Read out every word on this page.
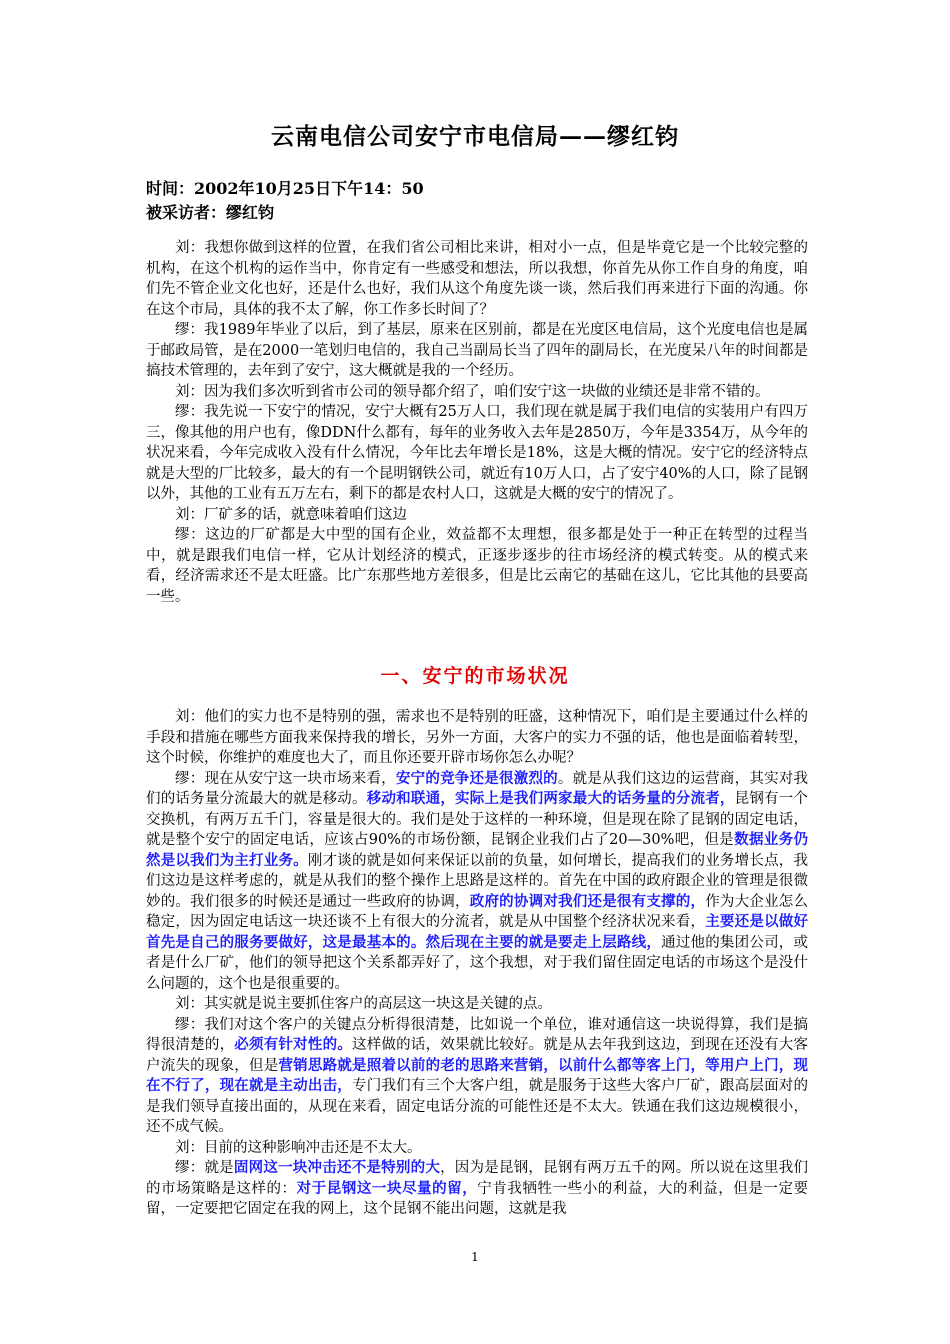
云南电信公司安宁市电信局——缪红钧
时间：2002年10月25日下午14：50
被采访者：缪红钧

刘：我想你做到这样的位置，在我们省公司相比来讲，相对小一点，但是毕竟它是一个比较完整的机构，在这个机构的运作当中，你肯定有一些感受和想法，所以我想，你首先从你工作自身的角度，咱们先不管企业文化也好，还是什么也好，我们从这个角度先谈一谈，然后我们再来进行下面的沟通。你在这个市局，具体的我不太了解，你工作多长时间了？

缪：我1989年毕业了以后，到了基层，原来在区别前，都是在光度区电信局，这个光度电信也是属于邮政局管，是在2000一笔划归电信的，我自己当副局长当了四年的副局长，在光度呆八年的时间都是搞技术管理的，去年到了安宁，这大概就是我的一个经历。

刘：因为我们多次听到省市公司的领导都介绍了，咱们安宁这一块做的业绩还是非常不错的。

缪：我先说一下安宁的情况，安宁大概有25万人口，我们现在就是属于我们电信的实装用户有四万三，像其他的用户也有，像DDN什么都有，每年的业务收入去年是2850万，今年是3354万，从今年的状况来看，今年完成收入没有什么情况，今年比去年增长是18%，这是大概的情况。安宁它的经济特点就是大型的厂比较多，最大的有一个昆明钢铁公司，就近有10万人口，占了安宁40%的人口，除了昆钢以外，其他的工业有五万左右，剩下的都是农村人口，这就是大概的安宁的情况了。

刘：厂矿多的话，就意味着咱们这边

缪：这边的厂矿都是大中型的国有企业，效益都不太理想，很多都是处于一种正在转型的过程当中，就是跟我们电信一样，它从计划经济的模式，正逐步逐步的往市场经济的模式转变。从的模式来看，经济需求还不是太旺盛。比广东那些地方差很多，但是比云南它的基础在这儿，它比其他的县要高一些。

一、安宁的市场状况

刘：他们的实力也不是特别的强，需求也不是特别的旺盛，这种情况下，咱们是主要通过什么样的手段和措施在哪些方面我来保持我的增长，另外一方面，大客户的实力不强的话，他也是面临着转型，这个时候，你维护的难度也大了，而且你还要开辟市场你怎么办呢？

缪：现在从安宁这一块市场来看，安宁的竞争还是很激烈的。就是从我们这边的运营商，其实对我们的话务量分流最大的就是移动。移动和联通，实际上是我们两家最大的话务量的分流者，昆钢有一个交换机，有两万五千门，容量是很大的。我们是处于这样的一种环境，但是现在除了昆钢的固定电话，就是整个安宁的固定电话，应该占90%的市场份额，昆钢企业我们占了20—30%吧，但是数据业务仍然是以我们为主打业务。刚才谈的就是如何来保证以前的负量，如何增长，提高我们的业务增长点，我们这边是这样考虑的，就是从我们的整个操作上思路是这样的。首先在中国的政府跟企业的管理是很微妙的。我们很多的时候还是通过一些政府的协调，政府的协调对我们还是很有支撑的，作为大企业怎么稳定，因为固定电话这一块还谈不上有很大的分流者，就是从中国整个经济状况来看，主要还是以做好首先是自己的服务要做好，这是最基本的。然后现在主要的就是要走上层路线，通过他的集团公司，或者是什么厂矿，他们的领导把这个关系都弄好了，这个我想，对于我们留住固定电话的市场这个是没什么问题的，这个也是很重要的。

刘：其实就是说主要抓住客户的高层这一块这是关键的点。

缪：我们对这个客户的关键点分析得很清楚，比如说一个单位，谁对通信这一块说得算，我们是搞得很清楚的，必须有针对性的。这样做的话，效果就比较好。就是从去年我到这边，到现在还没有大客户流失的现象，但是营销思路就是照着以前的老的思路来营销，以前什么都等客上门，等用户上门，现在不行了，现在就是主动出击，专门我们有三个大客户组，就是服务于这些大客户厂矿，跟高层面对的是我们领导直接出面的，从现在来看，固定电话分流的可能性还是不太大。铁通在我们这边规模很小，还不成气候。

刘：目前的这种影响冲击还是不太大。

缪：就是固网这一块冲击还不是特别的大，因为是昆钢，昆钢有两万五千的网。所以说在这里我们的市场策略是这样的：对于昆钢这一块尽量的留，宁肯我牺牲一些小的利益，大的利益，但是一定要留，一定要把它固定在我的网上，这个昆钢不能出问题，这就是我

1
